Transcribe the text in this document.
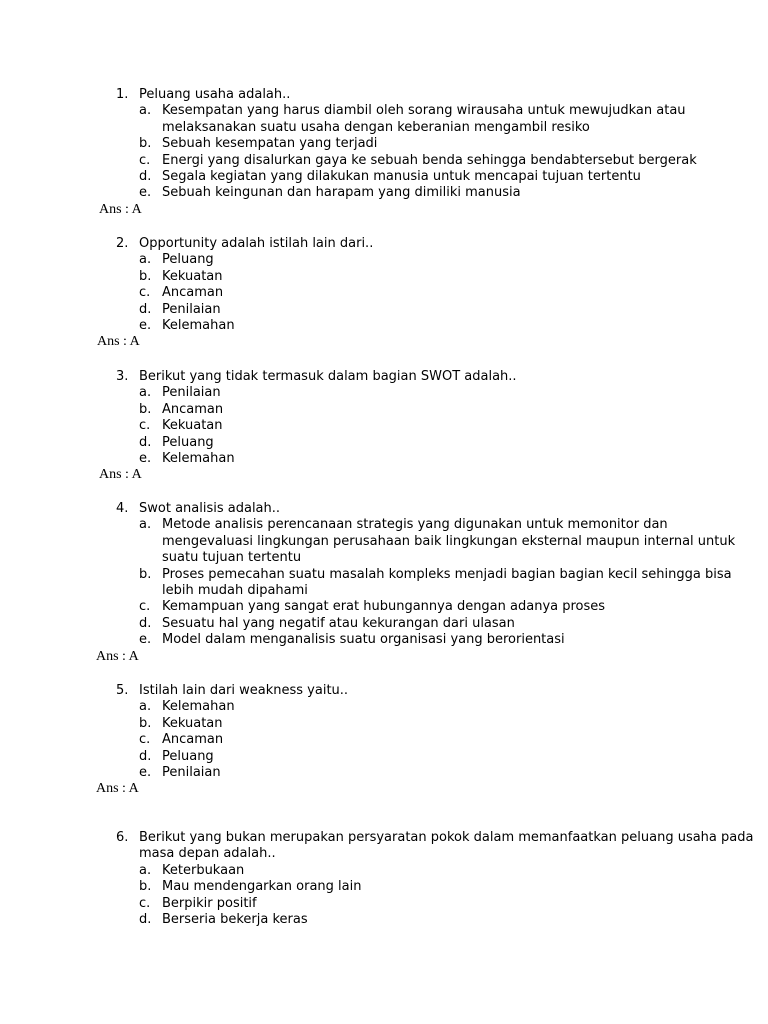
1. Peluang usaha adalah..
a. Kesempatan yang harus diambil oleh sorang wirausaha untuk mewujudkan atau
melaksanakan suatu usaha dengan keberanian mengambil resiko
b. Sebuah kesempatan yang terjadi
c. Energi yang disalurkan gaya ke sebuah benda sehingga bendabtersebut bergerak
d. Segala kegiatan yang dilakukan manusia untuk mencapai tujuan tertentu
e. Sebuah keingunan dan harapam yang dimiliki manusia
Ans : A
2. Opportunity adalah istilah lain dari..
a. Peluang
b. Kekuatan
c. Ancaman
d. Penilaian
e. Kelemahan
Ans : A
3. Berikut yang tidak termasuk dalam bagian SWOT adalah..
a. Penilaian
b. Ancaman
c. Kekuatan
d. Peluang
e. Kelemahan
Ans : A
4. Swot analisis adalah..
a. Metode analisis perencanaan strategis yang digunakan untuk memonitor dan
mengevaluasi lingkungan perusahaan baik lingkungan eksternal maupun internal untuk
suatu tujuan tertentu
b. Proses pemecahan suatu masalah kompleks menjadi bagian bagian kecil sehingga bisa
lebih mudah dipahami
c. Kemampuan yang sangat erat hubungannya dengan adanya proses
d. Sesuatu hal yang negatif atau kekurangan dari ulasan
e. Model dalam menganalisis suatu organisasi yang berorientasi
Ans : A
5. Istilah lain dari weakness yaitu..
a. Kelemahan
b. Kekuatan
c. Ancaman
d. Peluang
e. Penilaian
Ans : A
6. Berikut yang bukan merupakan persyaratan pokok dalam memanfaatkan peluang usaha pada
masa depan adalah..
a. Keterbukaan
b. Mau mendengarkan orang lain
c. Berpikir positif
d. Berseria bekerja keras
